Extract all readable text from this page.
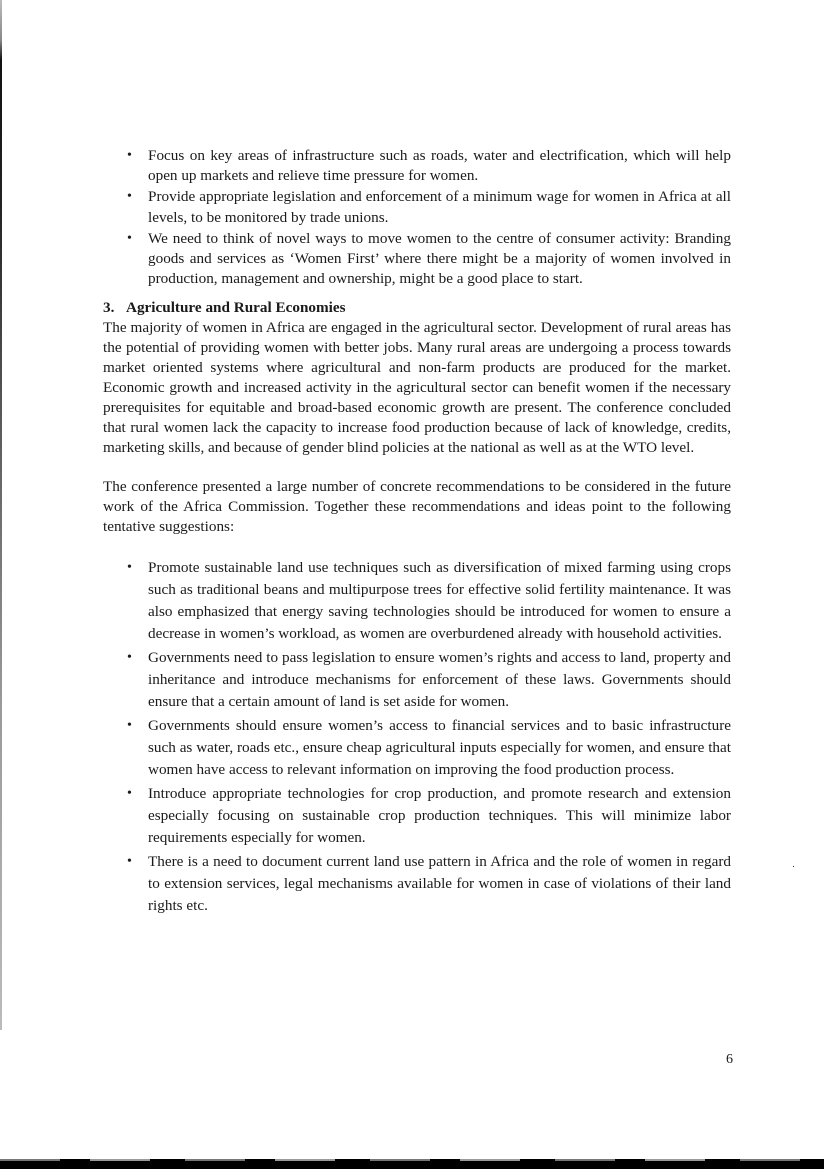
• Focus on key areas of infrastructure such as roads, water and electrification, which will help open up markets and relieve time pressure for women.
• Provide appropriate legislation and enforcement of a minimum wage for women in Africa at all levels, to be monitored by trade unions.
• We need to think of novel ways to move women to the centre of consumer activity: Branding goods and services as ‘Women First’ where there might be a majority of women involved in production, management and ownership, might be a good place to start.
3. Agriculture and Rural Economies

The majority of women in Africa are engaged in the agricultural sector. Development of rural areas has the potential of providing women with better jobs. Many rural areas are undergoing a process towards market oriented systems where agricultural and non-farm products are produced for the market. Economic growth and increased activity in the agricultural sector can benefit women if the necessary prerequisites for equitable and broad-based economic growth are present. The conference concluded that rural women lack the capacity to increase food production because of lack of knowledge, credits, marketing skills, and because of gender blind policies at the national as well as at the WTO level.

The conference presented a large number of concrete recommendations to be considered in the future work of the Africa Commission. Together these recommendations and ideas point to the following tentative suggestions:

• Promote sustainable land use techniques such as diversification of mixed farming using crops such as traditional beans and multipurpose trees for effective solid fertility maintenance. It was also emphasized that energy saving technologies should be introduced for women to ensure a decrease in women’s workload, as women are overburdened already with household activities.
• Governments need to pass legislation to ensure women’s rights and access to land, property and inheritance and introduce mechanisms for enforcement of these laws. Governments should ensure that a certain amount of land is set aside for women.
• Governments should ensure women’s access to financial services and to basic infrastructure such as water, roads etc., ensure cheap agricultural inputs especially for women, and ensure that women have access to relevant information on improving the food production process.
• Introduce appropriate technologies for crop production, and promote research and extension especially focusing on sustainable crop production techniques. This will minimize labor requirements especially for women.
• There is a need to document current land use pattern in Africa and the role of women in regard to extension services, legal mechanisms available for women in case of violations of their land rights etc.
6
